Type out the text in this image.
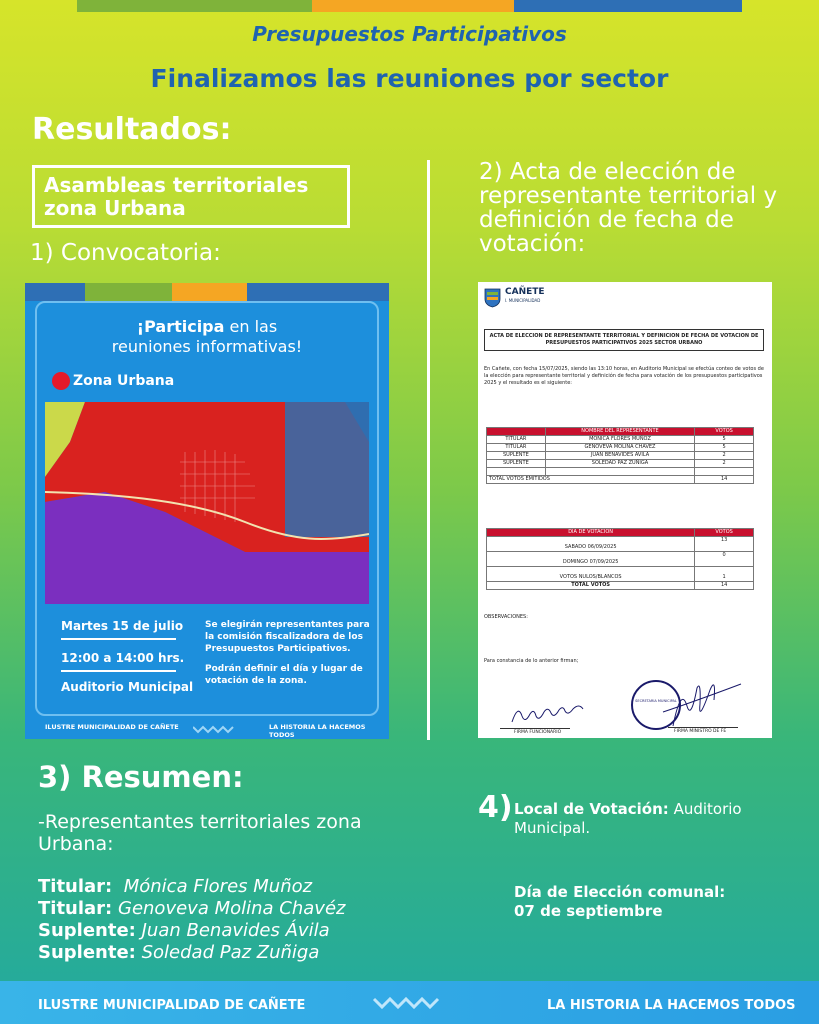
Presupuestos Participativos
Finalizamos las reuniones por sector
Resultados:
Asambleas territoriales zona Urbana
1) Convocatoria:
2) Acta de elección de representante territorial y definición de fecha de votación:
¡Participa en las
reuniones informativas!
Zona Urbana
Martes 15 de julio
12:00 a 14:00 hrs.
Auditorio Municipal
Se elegirán representantes para la comisión fiscalizadora de los Presupuestos Participativos.
Podrán definir el día y lugar de votación de la zona.
ILUSTRE MUNICIPALIDAD DE CAÑETE	LA HISTORIA LA HACEMOS TODOS
CAÑETE
I. MUNICIPALIDAD
ACTA DE ELECCION DE REPRESENTANTE TERRITORIAL Y DEFINICION DE FECHA DE VOTACION DE PRESUPUESTOS PARTICIPATIVOS 2025 SECTOR URBANO
En Cañete, con fecha 15/07/2025, siendo las 13:10 horas, en Auditorio Municipal se efectúa conteo de votos de la elección para representante territorial y definición de fecha para votación de los presupuestos participativos 2025 y el resultado es el siguiente:
	NOMBRE DEL REPRESENTANTE	VOTOS
TITULAR	MONICA FLORES MUÑOZ	5
TITULAR	GENOVEVA MOLINA CHAVEZ	5
SUPLENTE	JUAN BENAVIDES AVILA	2
SUPLENTE	SOLEDAD PAZ ZUÑIGA	2

TOTAL VOTOS EMITIDOS		14
DIA DE VOTACION	VOTOS
SABADO 06/09/2025	13
DOMINGO 07/09/2025	0
VOTOS NULOS/BLANCOS	1
TOTAL VOTOS	14
OBSERVACIONES:
Para constancia de lo anterior firman;
SECRETARIA MUNICIPAL
FIRMA FUNCIONARIO	FIRMA MINISTRO DE FE
3) Resumen:
-Representantes territoriales zona Urbana:
Titular: Mónica Flores Muñoz
Titular: Genoveva Molina Chavéz
Suplente: Juan Benavides Ávila
Suplente: Soledad Paz Zuñiga
4) Local de Votación: Auditorio Municipal.
Día de Elección comunal:
07 de septiembre
ILUSTRE MUNICIPALIDAD DE CAÑETE	LA HISTORIA LA HACEMOS TODOS
